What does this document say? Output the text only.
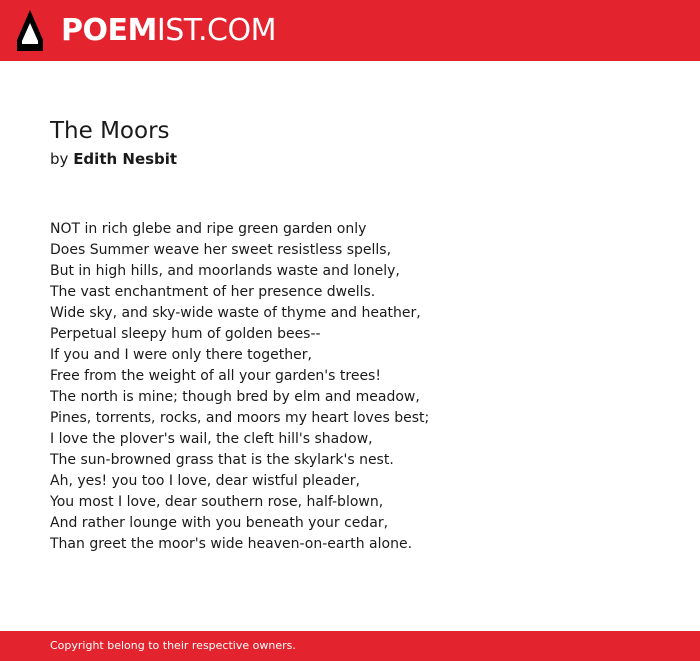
POEMIST.COM
The Moors
by Edith Nesbit
NOT in rich glebe and ripe green garden only
Does Summer weave her sweet resistless spells,
But in high hills, and moorlands waste and lonely,
The vast enchantment of her presence dwells.
Wide sky, and sky-wide waste of thyme and heather,
Perpetual sleepy hum of golden bees--
If you and I were only there together,
Free from the weight of all your garden's trees!
The north is mine; though bred by elm and meadow,
Pines, torrents, rocks, and moors my heart loves best;
I love the plover's wail, the cleft hill's shadow,
The sun-browned grass that is the skylark's nest.
Ah, yes! you too I love, dear wistful pleader,
You most I love, dear southern rose, half-blown,
And rather lounge with you beneath your cedar,
Than greet the moor's wide heaven-on-earth alone.
Copyright belong to their respective owners.
